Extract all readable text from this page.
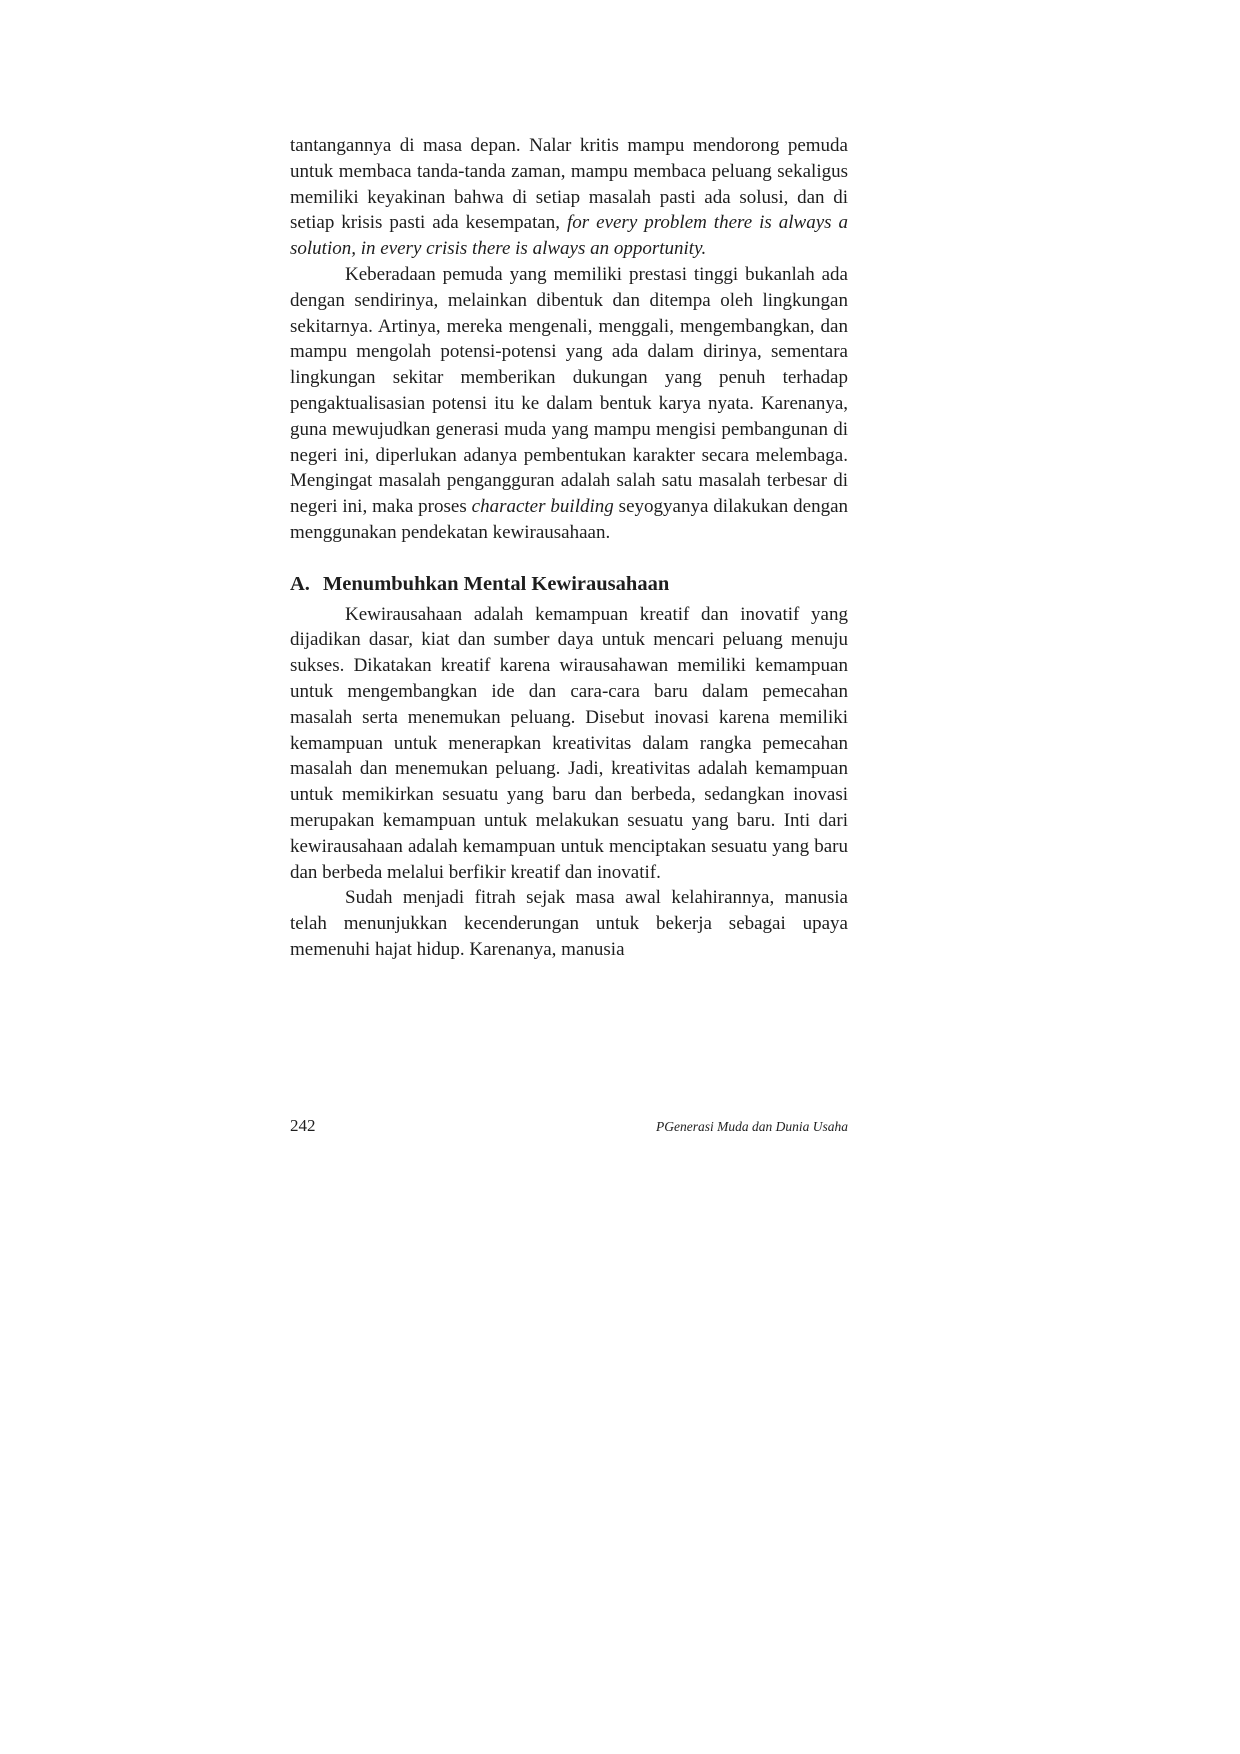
tantangannya di masa depan. Nalar kritis mampu mendorong pemuda untuk membaca tanda-tanda zaman, mampu membaca peluang sekaligus memiliki keyakinan bahwa di setiap masalah pasti ada solusi, dan di setiap krisis pasti ada kesempatan, for every problem there is always a solution, in every crisis there is always an opportunity.

Keberadaan pemuda yang memiliki prestasi tinggi bukanlah ada dengan sendirinya, melainkan dibentuk dan ditempa oleh lingkungan sekitarnya. Artinya, mereka mengenali, menggali, mengembangkan, dan mampu mengolah potensi-potensi yang ada dalam dirinya, sementara lingkungan sekitar memberikan dukungan yang penuh terhadap pengaktualisasian potensi itu ke dalam bentuk karya nyata. Karenanya, guna mewujudkan generasi muda yang mampu mengisi pembangunan di negeri ini, diperlukan adanya pembentukan karakter secara melembaga. Mengingat masalah pengangguran adalah salah satu masalah terbesar di negeri ini, maka proses character building seyogyanya dilakukan dengan menggunakan pendekatan kewirausahaan.

A. Menumbuhkan Mental Kewirausahaan

Kewirausahaan adalah kemampuan kreatif dan inovatif yang dijadikan dasar, kiat dan sumber daya untuk mencari peluang menuju sukses. Dikatakan kreatif karena wirausahawan memiliki kemampuan untuk mengembangkan ide dan cara-cara baru dalam pemecahan masalah serta menemukan peluang. Disebut inovasi karena memiliki kemampuan untuk menerapkan kreativitas dalam rangka pemecahan masalah dan menemukan peluang. Jadi, kreativitas adalah kemampuan untuk memikirkan sesuatu yang baru dan berbeda, sedangkan inovasi merupakan kemampuan untuk melakukan sesuatu yang baru. Inti dari kewirausahaan adalah kemampuan untuk menciptakan sesuatu yang baru dan berbeda melalui berfikir kreatif dan inovatif.

Sudah menjadi fitrah sejak masa awal kelahirannya, manusia telah menunjukkan kecenderungan untuk bekerja sebagai upaya memenuhi hajat hidup. Karenanya, manusia

242	PGenerasi Muda dan Dunia Usaha
